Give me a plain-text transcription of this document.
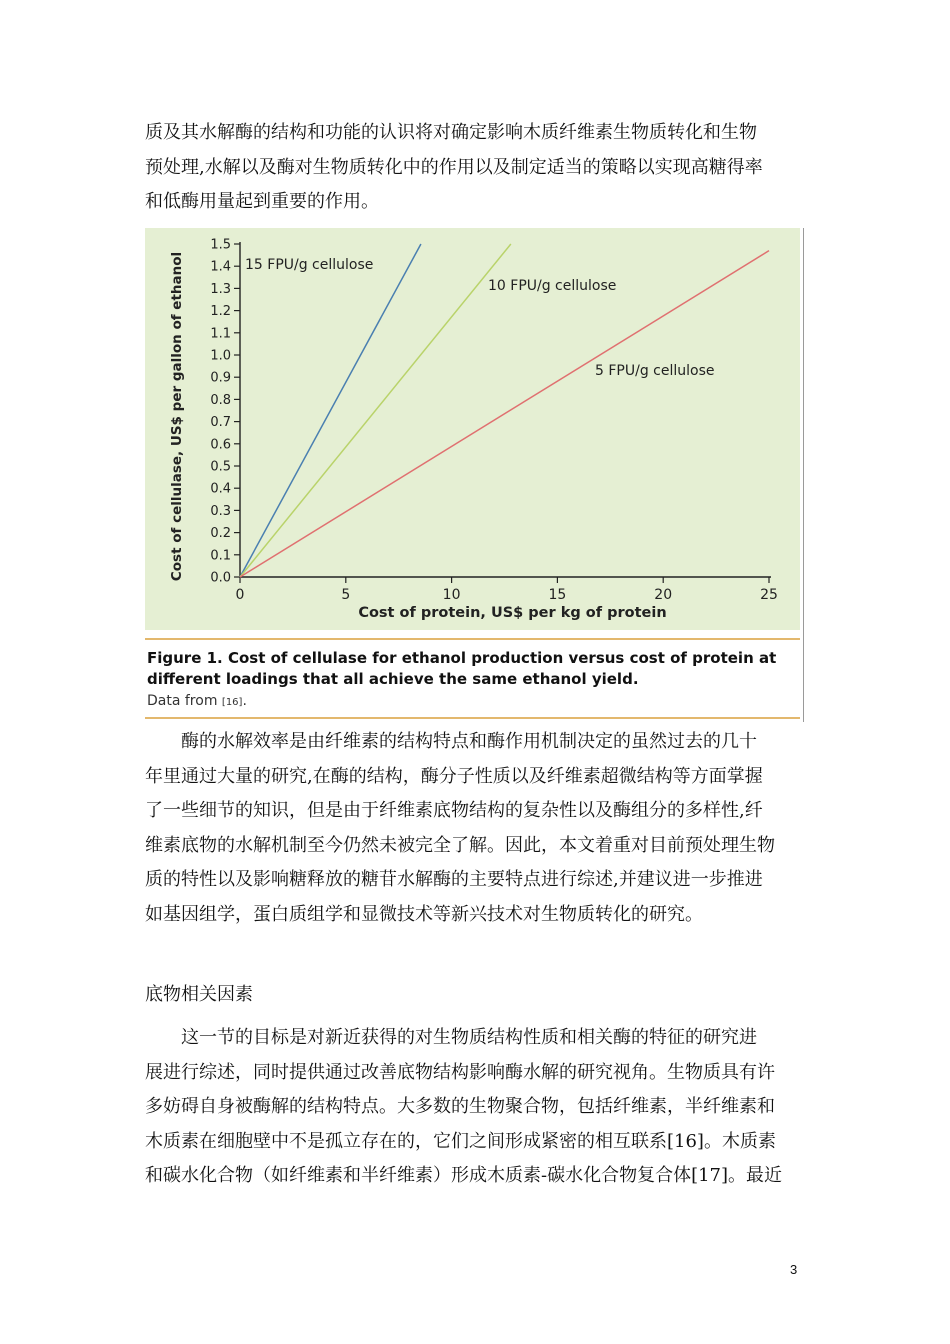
质及其水解酶的结构和功能的认识将对确定影响木质纤维素生物质转化和生物
预处理,水解以及酶对生物质转化中的作用以及制定适当的策略以实现高糖得率
和低酶用量起到重要的作用。

0.0
0.1
0.2
0.3
0.4
0.5
0.6
0.7
0.8
0.9
1.0
1.1
1.2
1.3
1.4
1.5
0	5	10	15	20	25
Cost of protein, US$ per kg of protein
Cost of cellulase, US$ per gallon of ethanol	15 FPU/g cellulose
10 FPU/g cellulose
5 FPU/g cellulose
Figure 1. Cost of cellulase for ethanol production versus cost of protein at
different loadings that all achieve the same ethanol yield.
Data from [16].

酶的水解效率是由纤维素的结构特点和酶作用机制决定的虽然过去的几十
年里通过大量的研究,在酶的结构，酶分子性质以及纤维素超微结构等方面掌握
了一些细节的知识，但是由于纤维素底物结构的复杂性以及酶组分的多样性,纤
维素底物的水解机制至今仍然未被完全了解。因此，本文着重对目前预处理生物
质的特性以及影响糖释放的糖苷水解酶的主要特点进行综述,并建议进一步推进
如基因组学，蛋白质组学和显微技术等新兴技术对生物质转化的研究。

底物相关因素

这一节的目标是对新近获得的对生物质结构性质和相关酶的特征的研究进
展进行综述，同时提供通过改善底物结构影响酶水解的研究视角。生物质具有许
多妨碍自身被酶解的结构特点。大多数的生物聚合物，包括纤维素，半纤维素和
木质素在细胞壁中不是孤立存在的，它们之间形成紧密的相互联系[16]。木质素
和碳水化合物（如纤维素和半纤维素）形成木质素-碳水化合物复合体[17]。最近

3
